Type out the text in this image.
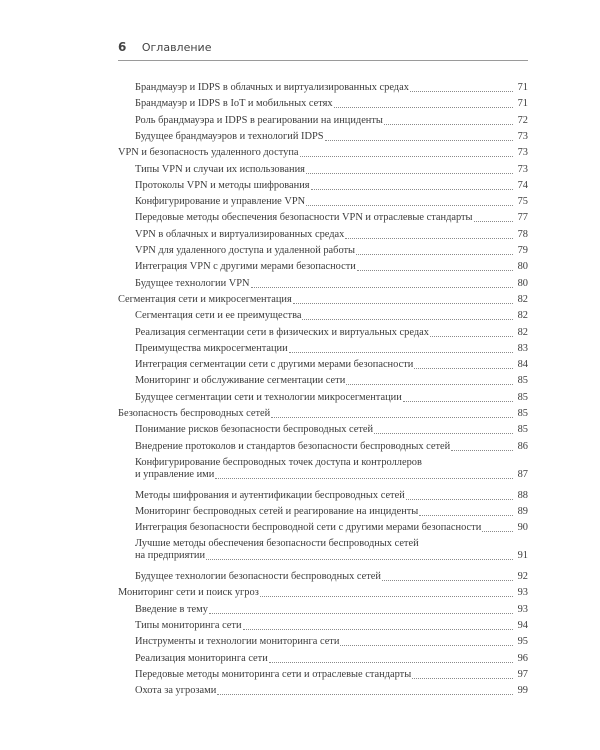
6 Оглавление
Брандмауэр и IDPS в облачных и виртуализированных средах	71
Брандмауэр и IDPS в IoT и мобильных сетях	71
Роль брандмауэра и IDPS в реагировании на инциденты	72
Будущее брандмауэров и технологий IDPS	73
VPN и безопасность удаленного доступа	73
Типы VPN и случаи их использования	73
Протоколы VPN и методы шифрования	74
Конфигурирование и управление VPN	75
Передовые методы обеспечения безопасности VPN и отраслевые стандарты	77
VPN в облачных и виртуализированных средах	78
VPN для удаленного доступа и удаленной работы	79
Интеграция VPN с другими мерами безопасности	80
Будущее технологии VPN	80
Сегментация сети и микросегментация	82
Сегментация сети и ее преимущества	82
Реализация сегментации сети в физических и виртуальных средах	82
Преимущества микросегментации	83
Интеграция сегментации сети с другими мерами безопасности	84
Мониторинг и обслуживание сегментации сети	85
Будущее сегментации сети и технологии микросегментации	85
Безопасность беспроводных сетей	85
Понимание рисков безопасности беспроводных сетей	85
Внедрение протоколов и стандартов безопасности беспроводных сетей	86
Конфигурирование беспроводных точек доступа и контроллеров
и управление ими	87
Методы шифрования и аутентификации беспроводных сетей	88
Мониторинг беспроводных сетей и реагирование на инциденты	89
Интеграция безопасности беспроводной сети с другими мерами безопасности	90
Лучшие методы обеспечения безопасности беспроводных сетей
на предприятии	91
Будущее технологии безопасности беспроводных сетей	92
Мониторинг сети и поиск угроз	93
Введение в тему	93
Типы мониторинга сети	94
Инструменты и технологии мониторинга сети	95
Реализация мониторинга сети	96
Передовые методы мониторинга сети и отраслевые стандарты	97
Охота за угрозами	99
